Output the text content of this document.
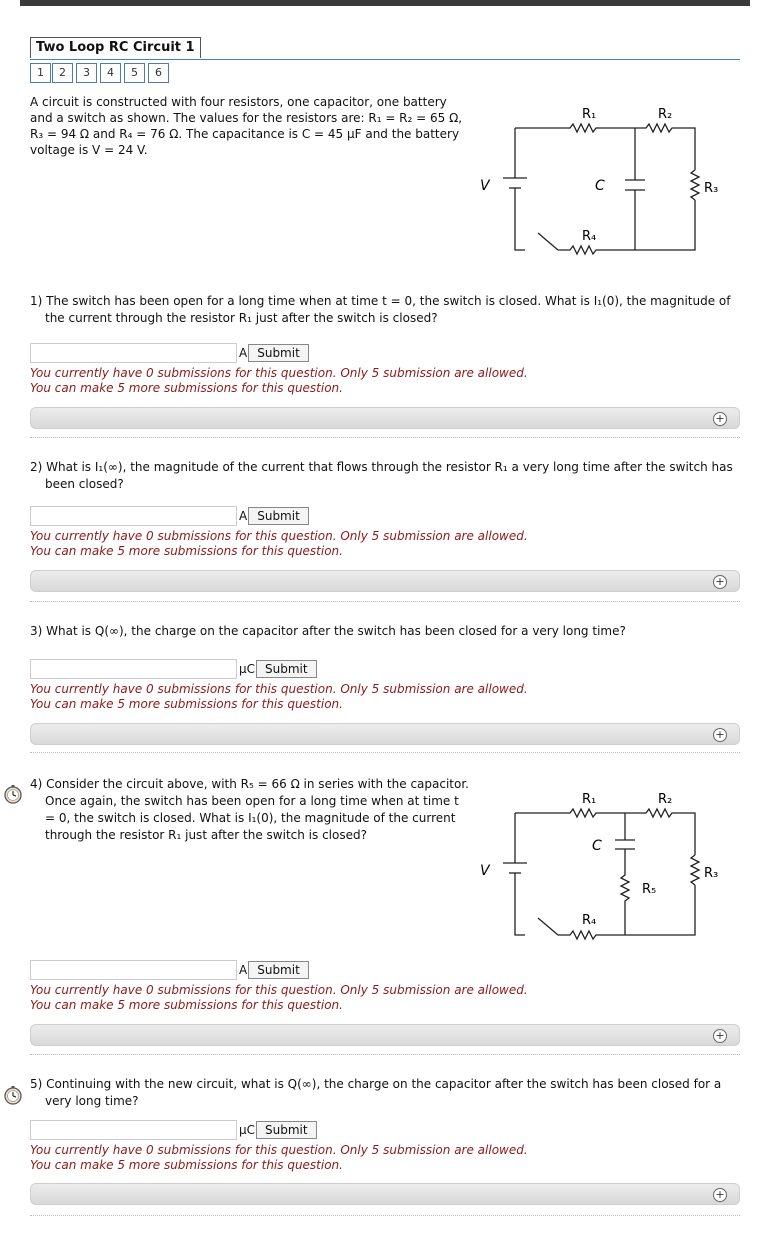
Two Loop RC Circuit 1
1	2	3	4	5	6
A circuit is constructed with four resistors, one capacitor, one battery and a switch as shown. The values for the resistors are: R₁ = R₂ = 65 Ω, R₃ = 94 Ω and R₄ = 76 Ω. The capacitance is C = 45 μF and the battery voltage is V = 24 V.
V	C
R₁	R₂
R₃
R₄
1) The switch has been open for a long time when at time t = 0, the switch is closed. What is I₁(0), the magnitude of the current through the resistor R₁ just after the switch is closed?
A Submit
You currently have 0 submissions for this question. Only 5 submission are allowed.
You can make 5 more submissions for this question.
+
2) What is I₁(∞), the magnitude of the current that flows through the resistor R₁ a very long time after the switch has been closed?
A Submit
You currently have 0 submissions for this question. Only 5 submission are allowed.
You can make 5 more submissions for this question.
+
3) What is Q(∞), the charge on the capacitor after the switch has been closed for a very long time?
μC Submit
You currently have 0 submissions for this question. Only 5 submission are allowed.
You can make 5 more submissions for this question.
+
4) Consider the circuit above, with R₅ = 66 Ω in series with the capacitor. Once again, the switch has been open for a long time when at time t = 0, the switch is closed. What is I₁(0), the magnitude of the current through the resistor R₁ just after the switch is closed?
V
C
R₁	R₂
R₃
R₅
R₄
A Submit
You currently have 0 submissions for this question. Only 5 submission are allowed.
You can make 5 more submissions for this question.
+
5) Continuing with the new circuit, what is Q(∞), the charge on the capacitor after the switch has been closed for a very long time?
μC Submit
You currently have 0 submissions for this question. Only 5 submission are allowed.
You can make 5 more submissions for this question.
+
